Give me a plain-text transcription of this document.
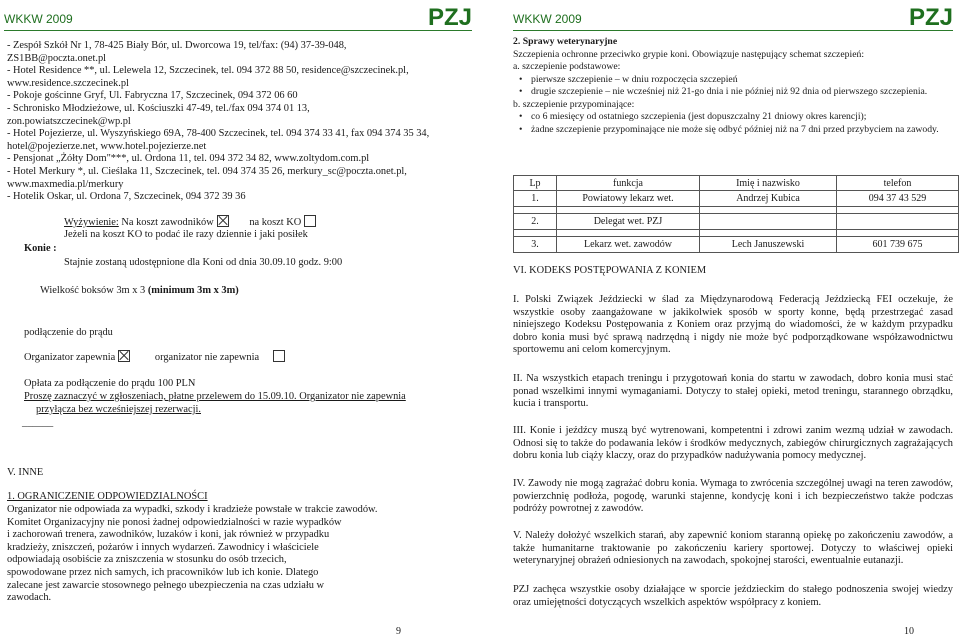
WKKW 2009	PZJ
- Zespół Szkół Nr 1, 78-425 Biały Bór, ul. Dworcowa 19, tel/fax: (94) 37-39-048,
ZS1BB@poczta.onet.pl
- Hotel Residence **, ul. Lelewela 12, Szczecinek, tel. 094 372 88 50, residence@szczecinek.pl,
www.residence.szczecinek.pl
- Pokoje gościnne Gryf, Ul. Fabryczna 17, Szczecinek, 094 372 06 60
- Schronisko Młodzieżowe, ul. Kościuszki 47-49, tel./fax 094 374 01 13,
zon.powiatszczecinek@wp.pl
- Hotel Pojezierze, ul. Wyszyńskiego 69A, 78-400 Szczecinek, tel. 094 374 33 41, fax 094 374 35 34,
hotel@pojezierze.net, www.hotel.pojezierze.net
- Pensjonat „Żółty Dom"***, ul. Ordona 11, tel. 094 372 34 82, www.zoltydom.com.pl
- Hotel Merkury *, ul. Cieślaka 11, Szczecinek, tel. 094 374 35 26, merkury_sc@poczta.onet.pl,
www.maxmedia.pl/merkury
- Hotelik Oskar, ul. Ordona 7, Szczecinek, 094 372 39 36
Wyżywienie: Na koszt zawodników	na koszt KO
Jeżeli na koszt KO to podać ile razy dziennie i jaki posiłek
Konie :
Stajnie zostaną udostępnione dla Koni od dnia 30.09.10 godz. 9:00
Wielkość boksów 3m x 3 (minimum 3m x 3m)
podłączenie do prądu
Organizator zapewnia	organizator nie zapewnia
Opłata za podłączenie do prądu 100 PLN
Proszę zaznaczyć w zgłoszeniach, płatne przelewem do 15.09.10. Organizator nie zapewnia
przyłącza bez wcześniejszej rezerwacji.
______
V. INNE
1. OGRANICZENIE ODPOWIEDZIALNOŚCI
Organizator nie odpowiada za wypadki, szkody i kradzieże powstałe w trakcie zawodów.
Komitet Organizacyjny nie ponosi żadnej odpowiedzialności w razie wypadków
i zachorowań trenera, zawodników, luzaków i koni, jak również w przypadku
kradzieży, zniszczeń, pożarów i innych wydarzeń. Zawodnicy i właściciele
odpowiadają osobiście za zniszczenia w stosunku do osób trzecich,
spowodowane przez nich samych, ich pracowników lub ich konie. Dlatego
zalecane jest zawarcie stosownego pełnego ubezpieczenia na czas udziału w
zawodach.
9
WKKW 2009	PZJ
2. Sprawy weterynaryjne
Szczepienia ochronne przeciwko grypie koni. Obowiązuje następujący schemat szczepień:
a. szczepienie podstawowe:
• pierwsze szczepienie – w dniu rozpoczęcia szczepień
• drugie szczepienie – nie wcześniej niż 21-go dnia i nie później niż 92 dnia od pierwszego szczepienia.
b. szczepienie przypominające:
• co 6 miesięcy od ostatniego szczepienia (jest dopuszczalny 21 dniowy okres karencji);
• żadne szczepienie przypominające nie może się odbyć później niż na 7 dni przed przybyciem na zawody.
Lp	funkcja	Imię i nazwisko	telefon
1.	Powiatowy lekarz wet.	Andrzej Kubica	094 37 43 529

2.	Delegat wet. PZJ		

3.	Lekarz wet. zawodów	Lech Januszewski	601 739 675
VI. KODEKS POSTĘPOWANIA Z KONIEM
I. Polski Związek Jeździecki w ślad za Międzynarodową Federacją Jeździecką FEI oczekuje, że wszystkie osoby zaangażowane w jakikolwiek sposób w sporty konne, będą przestrzegać zasad niniejszego Kodeksu Postępowania z Koniem oraz przyjmą do wiadomości, że w każdym przypadku dobro konia musi być sprawą nadrzędną i nigdy nie może być podporządkowane współzawodnictwu sportowemu ani celom komercyjnym.
II. Na wszystkich etapach treningu i przygotowań konia do startu w zawodach, dobro konia musi stać ponad wszelkimi innymi wymaganiami. Dotyczy to stałej opieki, metod treningu, starannego obrządku, kucia i transportu.
III. Konie i jeźdźcy muszą być wytrenowani, kompetentni i zdrowi zanim wezmą udział w zawodach. Odnosi się to także do podawania leków i środków medycznych, zabiegów chirurgicznych zagrażających dobru konia lub ciąży klaczy, oraz do przypadków nadużywania pomocy medycznej.
IV. Zawody nie mogą zagrażać dobru konia. Wymaga to zwrócenia szczególnej uwagi na teren zawodów, powierzchnię podłoża, pogodę, warunki stajenne, kondycję koni i ich bezpieczeństwo także podczas podróży powrotnej z zawodów.
V. Należy dołożyć wszelkich starań, aby zapewnić koniom staranną opiekę po zakończeniu zawodów, a także humanitarne traktowanie po zakończeniu kariery sportowej. Dotyczy to właściwej opieki weterynaryjnej obrażeń odniesionych na zawodach, spokojnej starości, ewentualnie eutanazji.
PZJ zachęca wszystkie osoby działające w sporcie jeździeckim do stałego podnoszenia swojej wiedzy oraz umiejętności dotyczących wszelkich aspektów współpracy z koniem.
10
